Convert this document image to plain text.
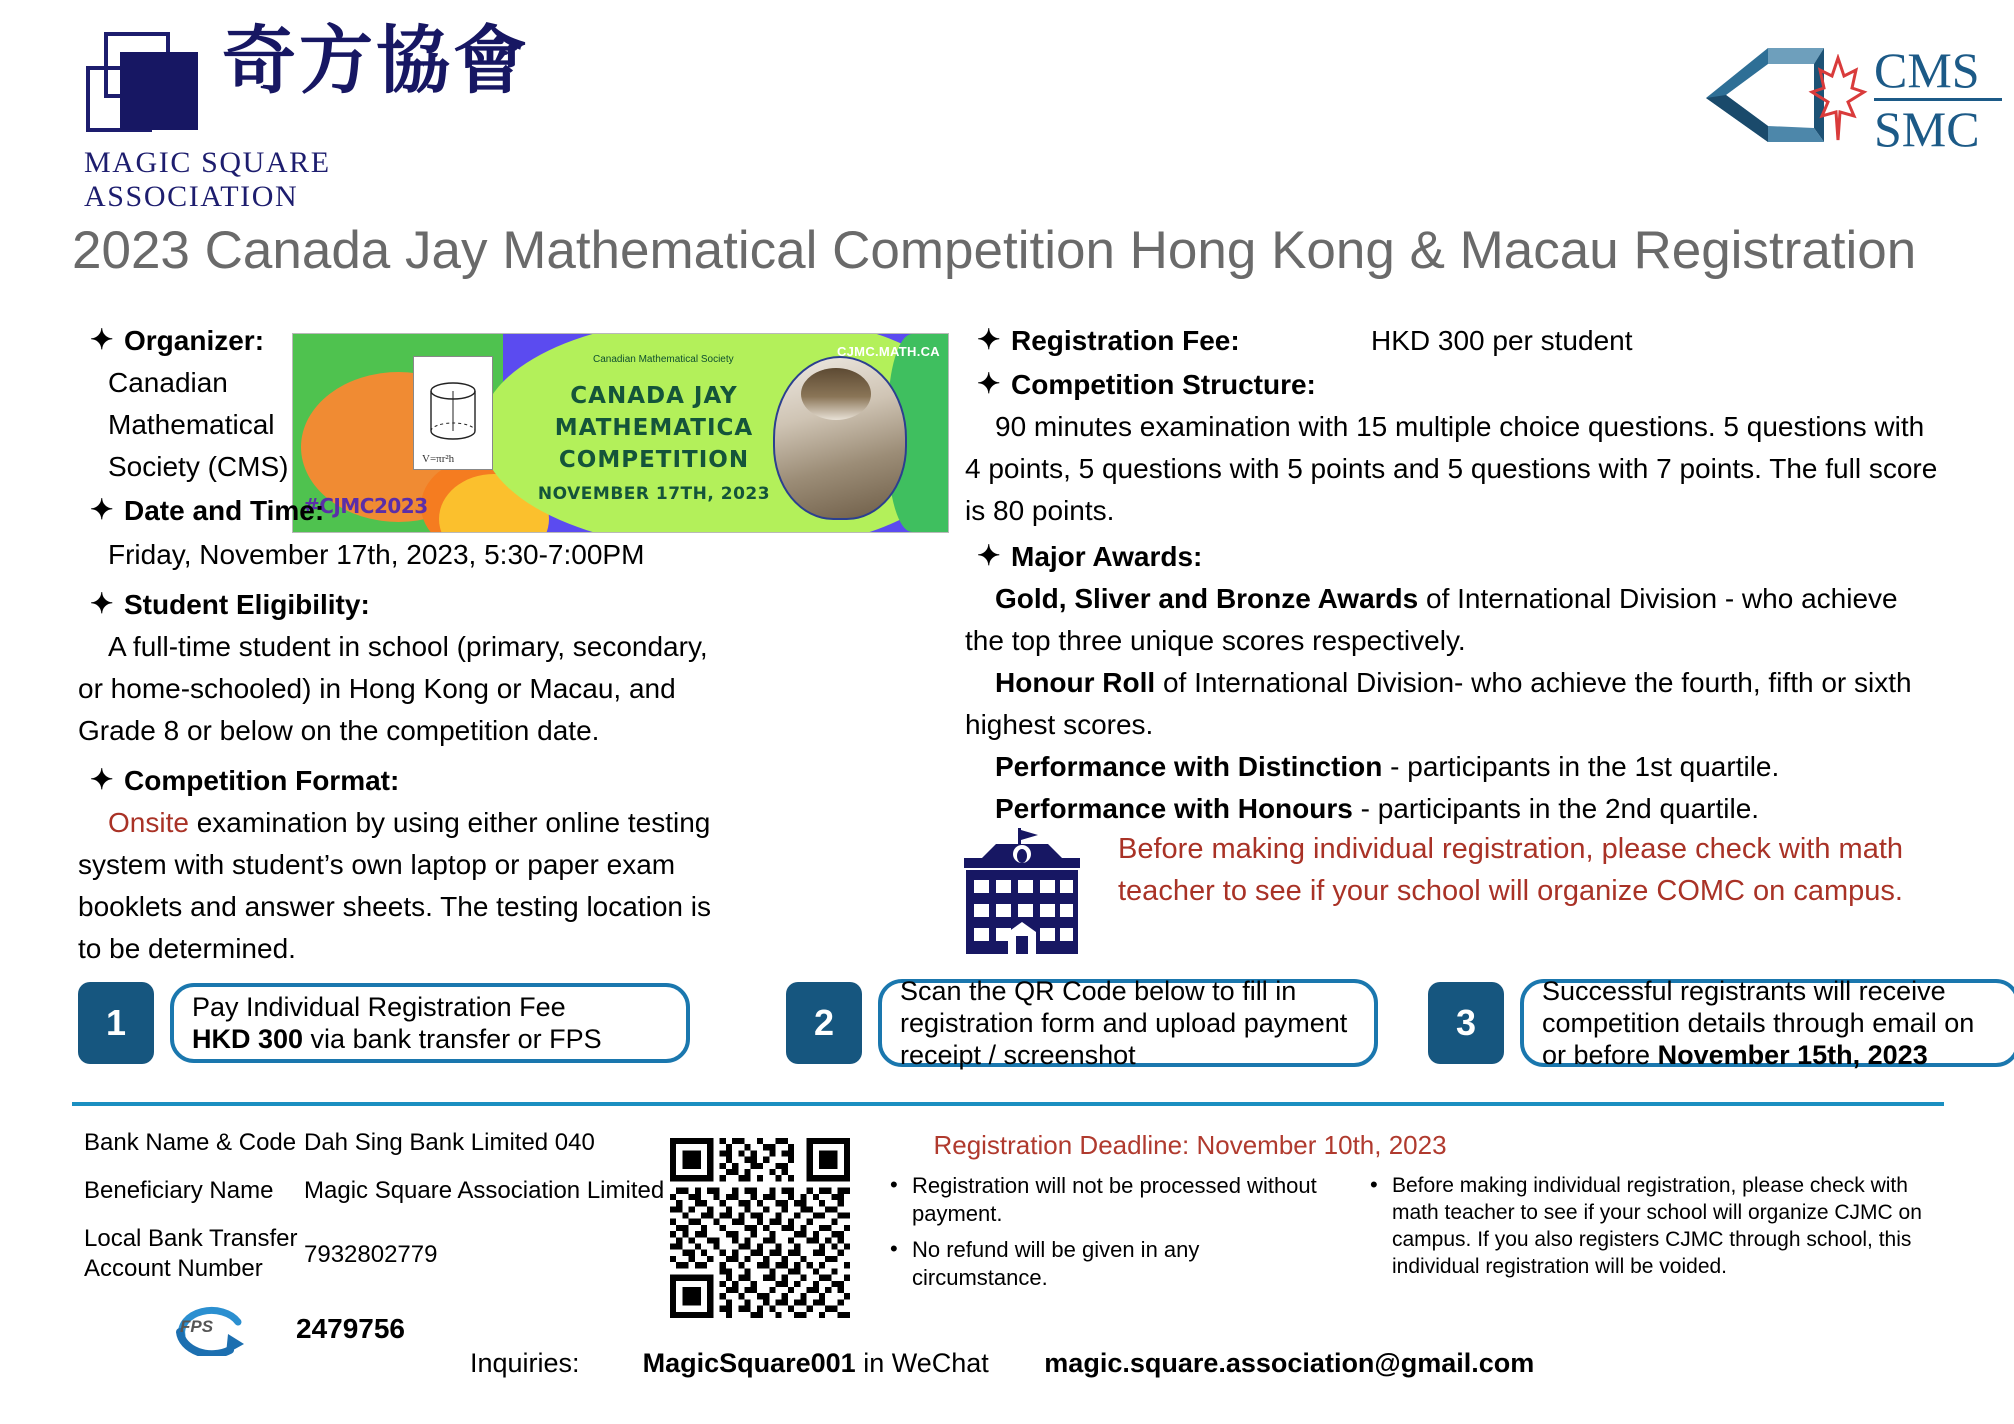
奇方協會
MAGIC SQUARE ASSOCIATION
CMS
SMC
2023 Canada Jay Mathematical Competition Hong Kong & Macau Registration
V=πr²h
#CJMC2023
CJMC.MATH.CA
Canadian Mathematical Society
CANADA JAY
MATHEMATICA
COMPETITION
NOVEMBER 17TH, 2023
✦ Organizer:
Canadian Mathematical Society (CMS)
✦ Date and Time:
Friday, November 17th, 2023, 5:30-7:00PM
✦ Student Eligibility:
A full-time student in school (primary, secondary, or home-schooled) in Hong Kong or Macau, and Grade 8 or below on the competition date.
✦ Competition Format:
Onsite examination by using either online testing system with student’s own laptop or paper exam booklets and answer sheets. The testing location is to be determined.
✦ Registration Fee:	HKD 300 per student
✦ Competition Structure:
90 minutes examination with 15 multiple choice questions. 5 questions with 4 points, 5 questions with 5 points and 5 questions with 7 points. The full score is 80 points.
✦ Major Awards:
Gold, Sliver and Bronze Awards of International Division - who achieve the top three unique scores respectively.
Honour Roll of International Division- who achieve the fourth, fifth or sixth highest scores.
Performance with Distinction - participants in the 1st quartile.
Performance with Honours - participants in the 2nd quartile.
Before making individual registration, please check with math teacher to see if your school will organize COMC on campus.
1	Pay Individual Registration Fee
HKD 300 via bank transfer or FPS	2
Scan the QR Code below to fill in registration form and upload payment receipt / screenshot
3
Successful registrants will receive competition details through email on or before November 15th, 2023
Bank Name & Code Dah Sing Bank Limited 040
Beneficiary Name	Magic Square Association Limited
Local Bank Transfer Account Number
7932802779
FPS	2479756
Registration Deadline: November 10th, 2023
• Registration will not be processed without payment.
• No refund will be given in any circumstance.
• Before making individual registration, please check with math teacher to see if your school will organize CJMC on campus. If you also registers CJMC through school, this individual registration will be voided.
Inquiries: MagicSquare001 in WeChat magic.square.association@gmail.com
